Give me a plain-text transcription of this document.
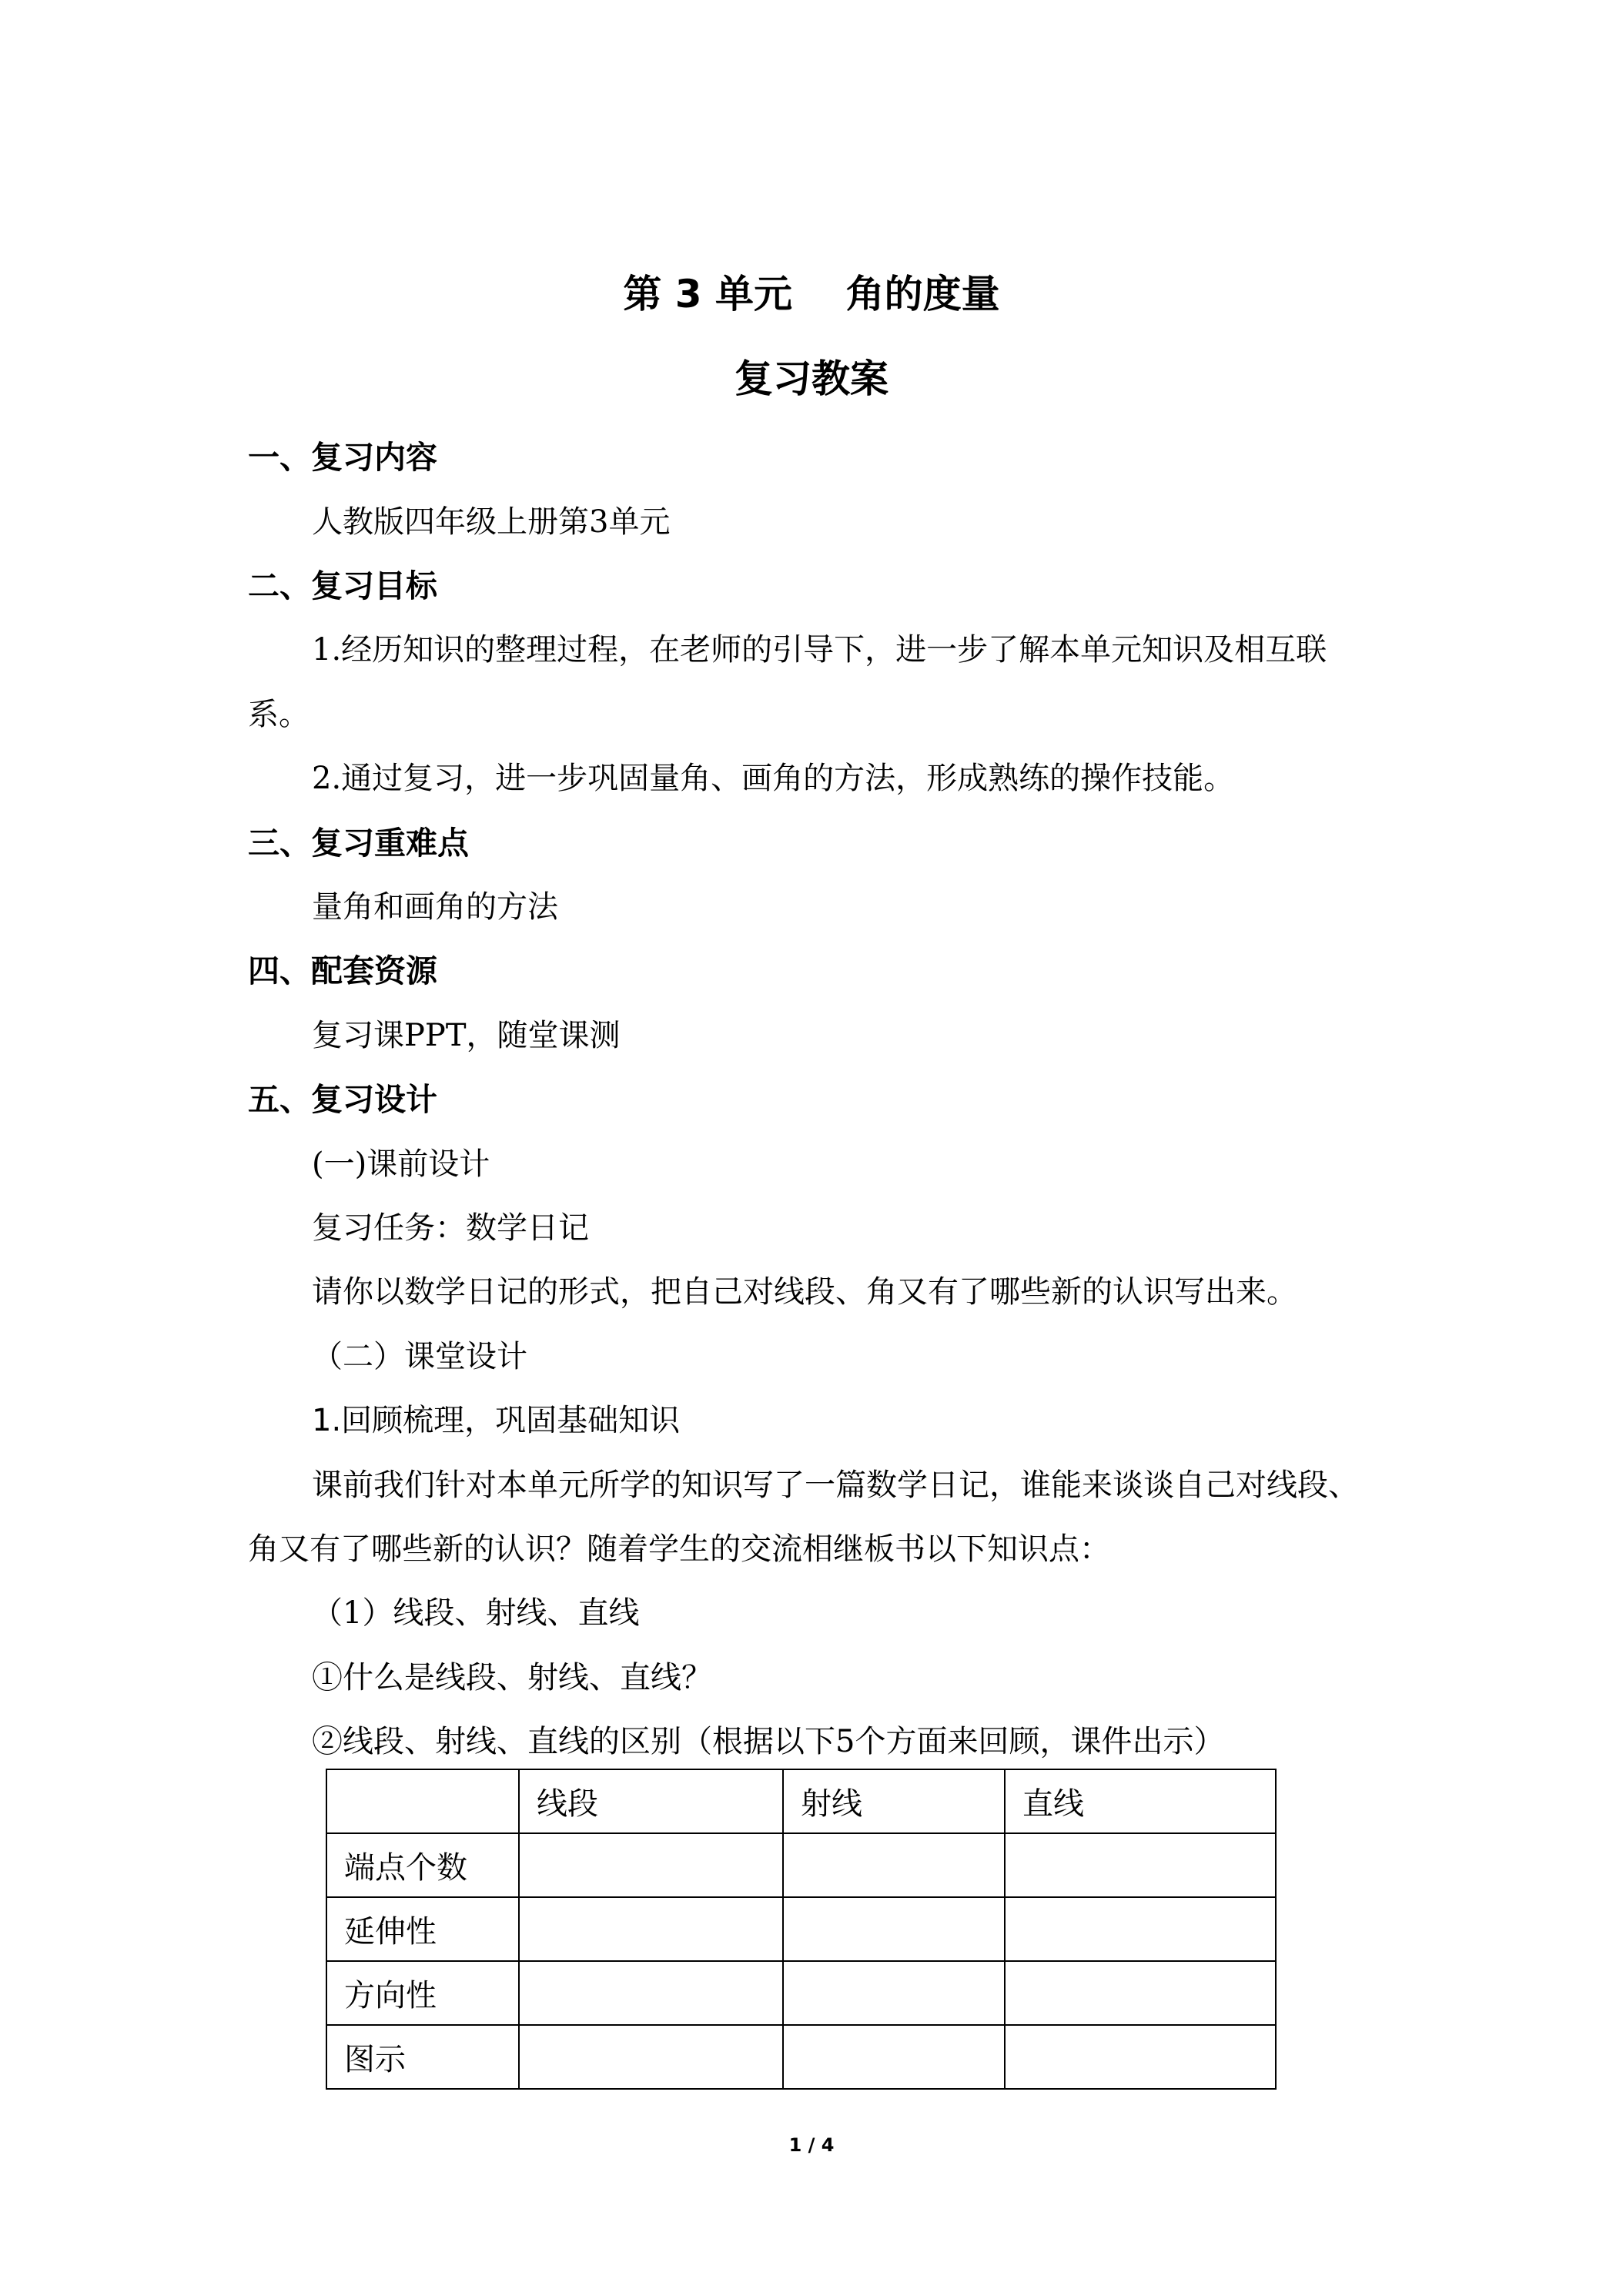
第 3 单元    角的度量
复习教案
一、复习内容
人教版四年级上册第3单元
二、复习目标
1.经历知识的整理过程，在老师的引导下，进一步了解本单元知识及相互联
系。
2.通过复习，进一步巩固量角、画角的方法，形成熟练的操作技能。
三、复习重难点
量角和画角的方法
四、配套资源
复习课PPT，随堂课测
五、复习设计
(一)课前设计
复习任务：数学日记
请你以数学日记的形式，把自己对线段、角又有了哪些新的认识写出来。
（二）课堂设计
1.回顾梳理，巩固基础知识
课前我们针对本单元所学的知识写了一篇数学日记，谁能来谈谈自己对线段、
角又有了哪些新的认识？随着学生的交流相继板书以下知识点：
（1）线段、射线、直线
①什么是线段、射线、直线？
②线段、射线、直线的区别（根据以下5个方面来回顾，课件出示）
	线段	射线	直线
端点个数			
延伸性			
方向性			
图示			
1 / 4
